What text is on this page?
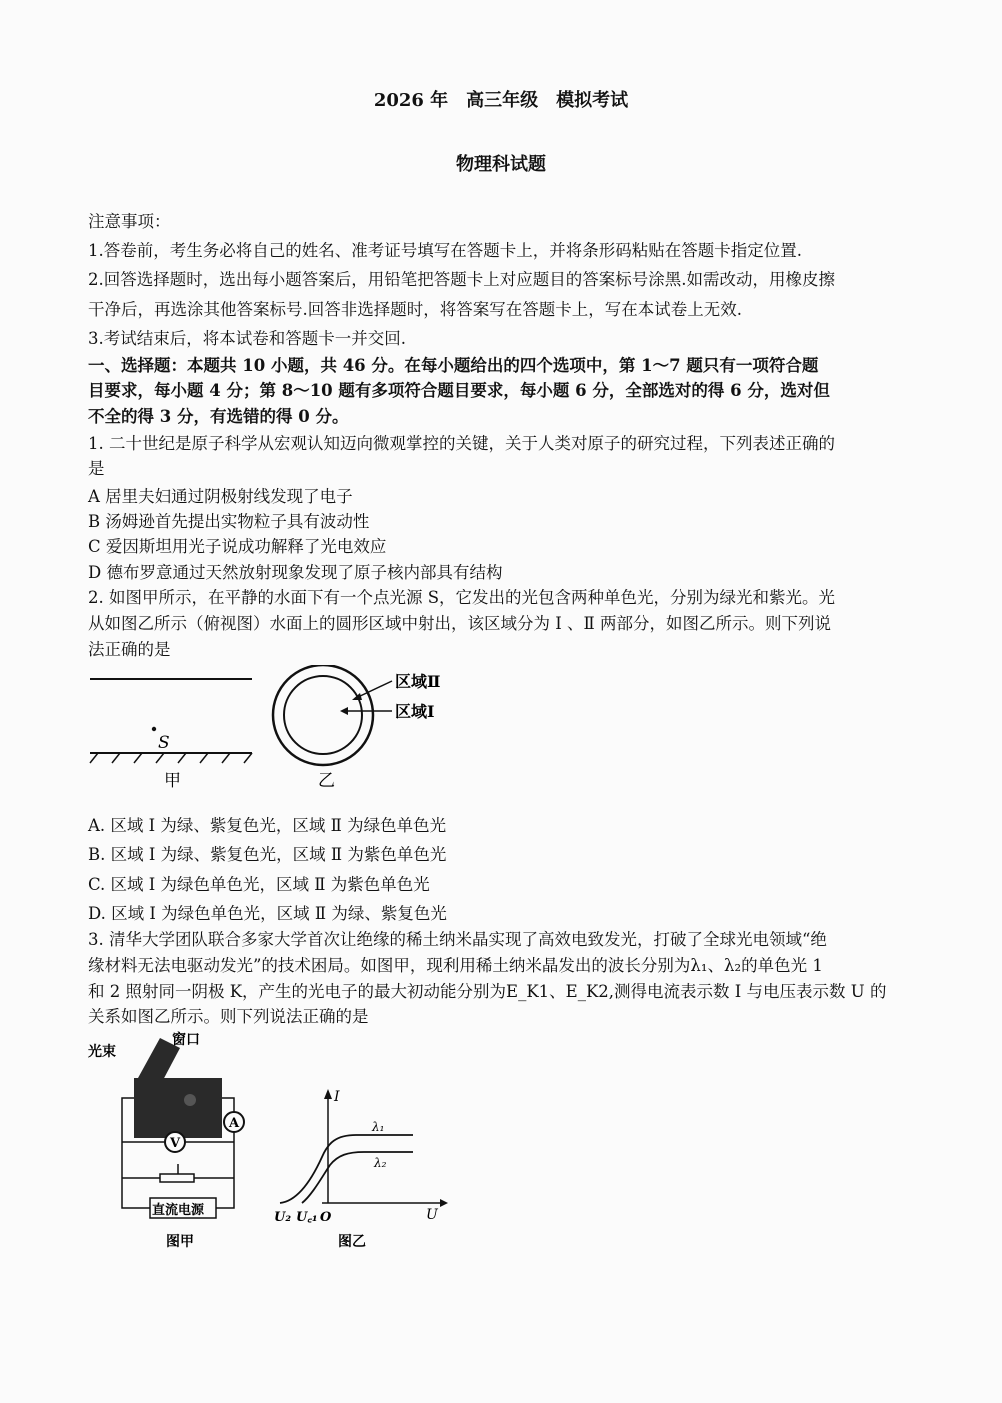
2026 年　高三年级　模拟考试
物理科试题
注意事项：
1.答卷前，考生务必将自己的姓名、准考证号填写在答题卡上，并将条形码粘贴在答题卡指定位置.
2.回答选择题时，选出每小题答案后，用铅笔把答题卡上对应题目的答案标号涂黑.如需改动，用橡皮擦
干净后，再选涂其他答案标号.回答非选择题时，将答案写在答题卡上，写在本试卷上无效.
3.考试结束后，将本试卷和答题卡一并交回.
一、选择题：本题共 10 小题，共 46 分。在每小题给出的四个选项中，第 1～7 题只有一项符合题
目要求，每小题 4 分；第 8～10 题有多项符合题目要求，每小题 6 分，全部选对的得 6 分，选对但
不全的得 3 分，有选错的得 0 分。
1. 二十世纪是原子科学从宏观认知迈向微观掌控的关键，关于人类对原子的研究过程，下列表述正确的
是
A 居里夫妇通过阴极射线发现了电子
B 汤姆逊首先提出实物粒子具有波动性
C 爱因斯坦用光子说成功解释了光电效应
D 德布罗意通过天然放射现象发现了原子核内部具有结构
2. 如图甲所示，在平静的水面下有一个点光源 S，它发出的光包含两种单色光，分别为绿光和紫光。光
从如图乙所示（俯视图）水面上的圆形区域中射出，该区域分为 Ⅰ 、Ⅱ 两部分，如图乙所示。则下列说
法正确的是
S
甲
区域Ⅱ
区域Ⅰ
乙
A. 区域 Ⅰ 为绿、紫复色光，区域 Ⅱ 为绿色单色光
B. 区域 Ⅰ 为绿、紫复色光，区域 Ⅱ 为紫色单色光
C. 区域 Ⅰ 为绿色单色光，区域 Ⅱ 为紫色单色光
D. 区域 Ⅰ 为绿色单色光，区域 Ⅱ 为绿、紫复色光
3. 清华大学团队联合多家大学首次让绝缘的稀土纳米晶实现了高效电致发光，打破了全球光电领域“绝
缘材料无法电驱动发光”的技术困局。如图甲，现利用稀土纳米晶发出的波长分别为λ₁、λ₂的单色光 1
和 2 照射同一阴极 K，产生的光电子的最大初动能分别为E_K1、E_K2,测得电流表示数 I 与电压表示数 U 的
关系如图乙所示。则下列说法正确的是
光束
窗口
A
V
直流电源
图甲
I
U
λ₁
λ₂
U₂ U꜀₁ O
图乙
